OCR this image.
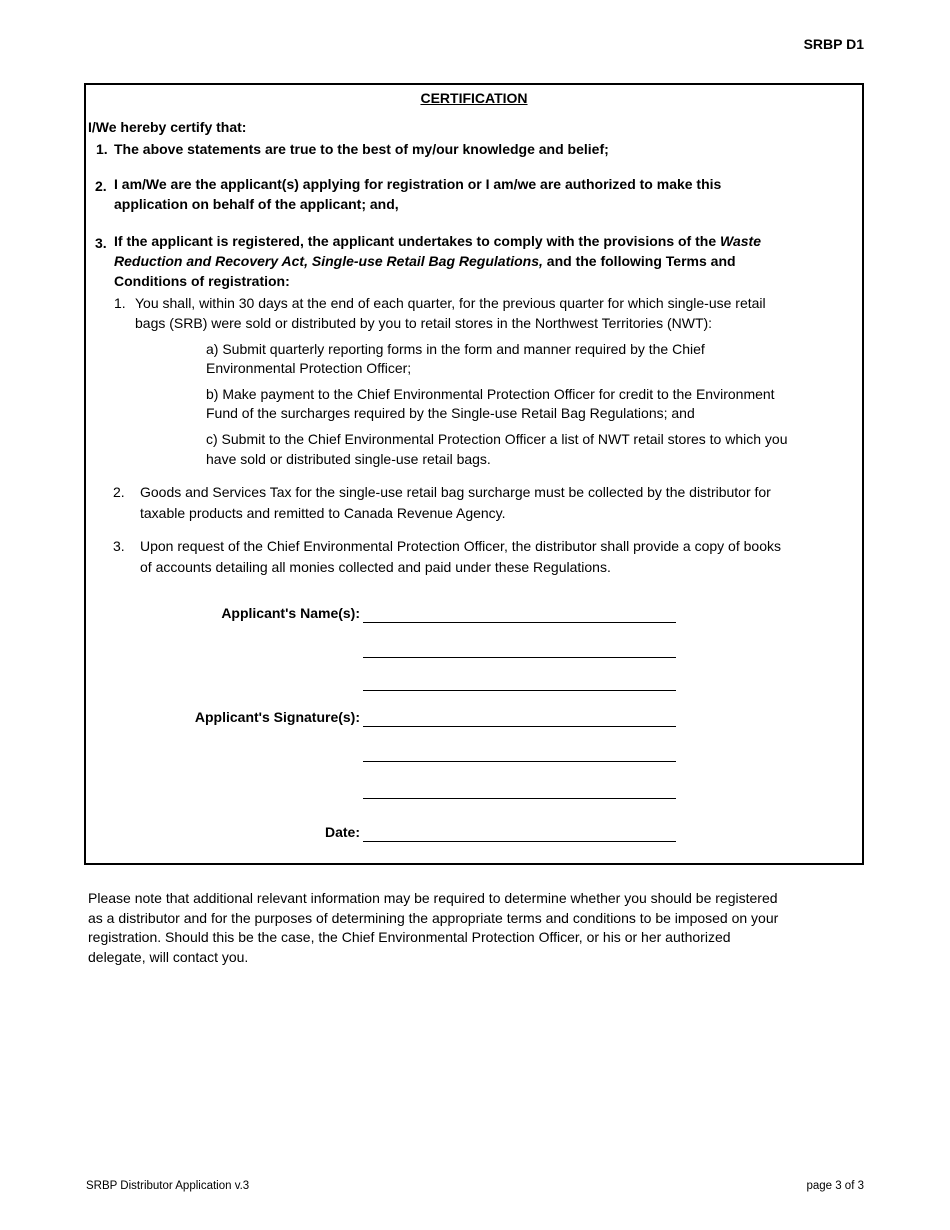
SRBP D1
CERTIFICATION
I/We hereby certify that:
1. The above statements are true to the best of my/our knowledge and belief;
2. I am/We are the applicant(s) applying for registration or I am/we are authorized to make this
application on behalf of the applicant; and,
3. If the applicant is registered, the applicant undertakes to comply with the provisions of the Waste
Reduction and Recovery Act, Single-use Retail Bag Regulations, and the following Terms and
Conditions of registration:
1. You shall, within 30 days at the end of each quarter, for the previous quarter for which single-use retail
bags (SRB) were sold or distributed by you to retail stores in the Northwest Territories (NWT):
a) Submit quarterly reporting forms in the form and manner required by the Chief
Environmental Protection Officer;
b) Make payment to the Chief Environmental Protection Officer for credit to the Environment
Fund of the surcharges required by the Single-use Retail Bag Regulations; and
c) Submit to the Chief Environmental Protection Officer a list of NWT retail stores to which you
have sold or distributed single-use retail bags.
2. Goods and Services Tax for the single-use retail bag surcharge must be collected by the distributor for
taxable products and remitted to Canada Revenue Agency.
3. Upon request of the Chief Environmental Protection Officer, the distributor shall provide a copy of books
of accounts detailing all monies collected and paid under these Regulations.
Applicant's Name(s):
Applicant's Signature(s):
Date:
Please note that additional relevant information may be required to determine whether you should be registered
as a distributor and for the purposes of determining the appropriate terms and conditions to be imposed on your
registration. Should this be the case, the Chief Environmental Protection Officer, or his or her authorized
delegate, will contact you.
SRBP Distributor Application v.3	page 3 of 3
